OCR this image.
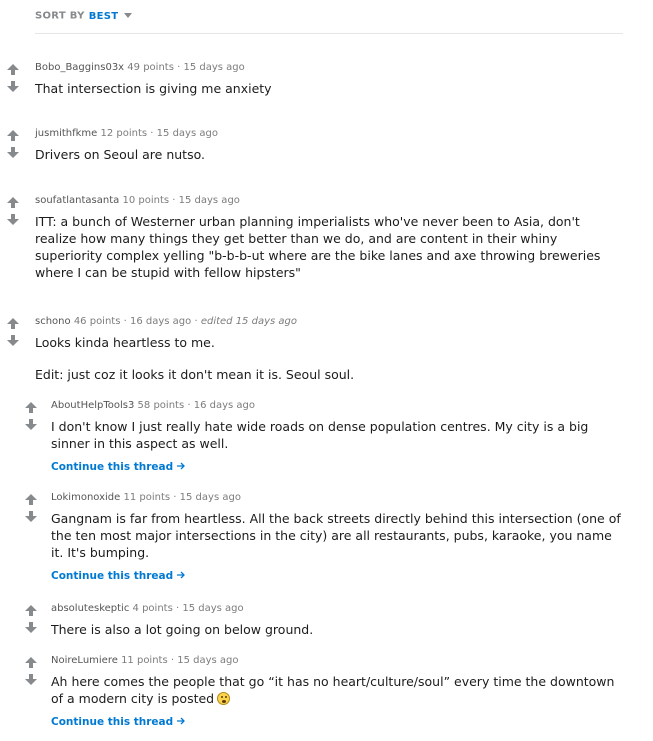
SORT BY BEST
Bobo_Baggins03x 49 points · 15 days ago

That intersection is giving me anxiety

jusmithfkme 12 points · 15 days ago

Drivers on Seoul are nutso.

soufatlantasanta 10 points · 15 days ago

ITT: a bunch of Westerner urban planning imperialists who've never been to Asia, don't realize how many things they get better than we do, and are content in their whiny superiority complex yelling "b-b-b-ut where are the bike lanes and axe throwing breweries where I can be stupid with fellow hipsters"

schono 46 points · 16 days ago · edited 15 days ago

Looks kinda heartless to me.

Edit: just coz it looks it don't mean it is. Seoul soul.

AboutHelpTools3 58 points · 16 days ago

I don't know I just really hate wide roads on dense population centres. My city is a big sinner in this aspect as well.

Continue this thread
Lokimonoxide 11 points · 15 days ago

Gangnam is far from heartless. All the back streets directly behind this intersection (one of the ten most major intersections in the city) are all restaurants, pubs, karaoke, you name it. It's bumping.

Continue this thread
absoluteskeptic 4 points · 15 days ago

There is also a lot going on below ground.

NoireLumiere 11 points · 15 days ago

Ah here comes the people that go “it has no heart/culture/soul” every time the downtown of a modern city is posted

Continue this thread
